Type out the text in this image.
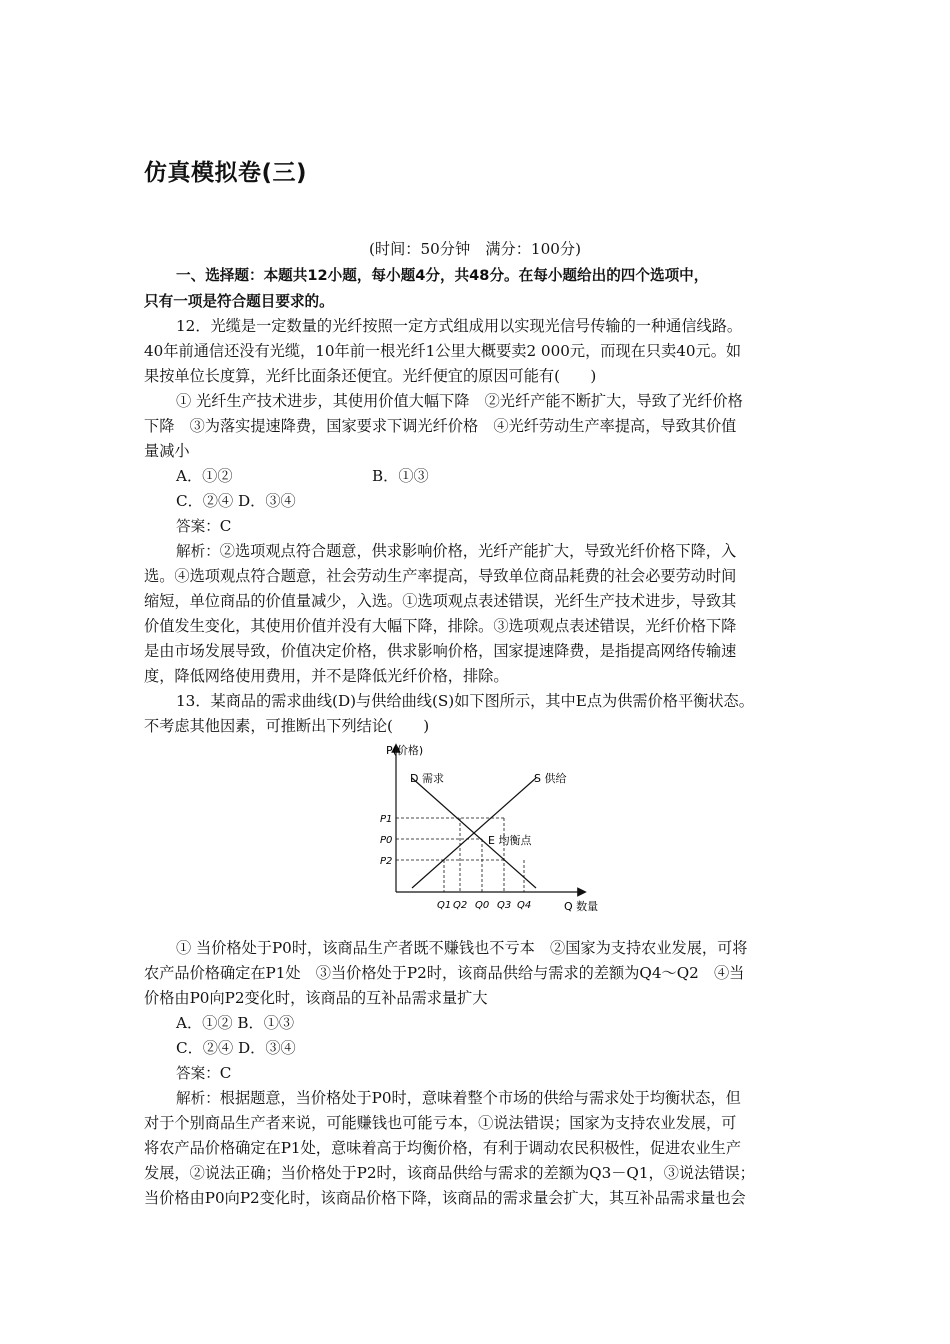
仿真模拟卷(三)
(时间：50分钟　满分：100分)
一、选择题：本题共12小题，每小题4分，共48分。在每小题给出的四个选项中，
只有一项是符合题目要求的。
12．光缆是一定数量的光纤按照一定方式组成用以实现光信号传输的一种通信线路。
40年前通信还没有光缆，10年前一根光纤1公里大概要卖2 000元，而现在只卖40元。如
果按单位长度算，光纤比面条还便宜。光纤便宜的原因可能有(　　)
① 光纤生产技术进步，其使用价值大幅下降　②光纤产能不断扩大，导致了光纤价格
下降　③为落实提速降费，国家要求下调光纤价格　④光纤劳动生产率提高，导致其价值
量减小
A．①②	B．①③
C．②④ D．③④
答案：C
解析：②选项观点符合题意，供求影响价格，光纤产能扩大，导致光纤价格下降，入
选。④选项观点符合题意，社会劳动生产率提高，导致单位商品耗费的社会必要劳动时间
缩短，单位商品的价值量减少，入选。①选项观点表述错误，光纤生产技术进步，导致其
价值发生变化，其使用价值并没有大幅下降，排除。③选项观点表述错误，光纤价格下降
是由市场发展导致，价值决定价格，供求影响价格，国家提速降费，是指提高网络传输速
度，降低网络使用费用，并不是降低光纤价格，排除。
13．某商品的需求曲线(D)与供给曲线(S)如下图所示，其中E点为供需价格平衡状态。
不考虑其他因素，可推断出下列结论(　　)
P(价格)
Q 数量
D 需求	S 供给
P1
P0
P2
Q1 Q2 Q0 Q3 Q4
E 均衡点
① 当价格处于P0时，该商品生产者既不赚钱也不亏本　②国家为支持农业发展，可将
农产品价格确定在P1处　③当价格处于P2时，该商品供给与需求的差额为Q4～Q2　④当
价格由P0向P2变化时，该商品的互补品需求量扩大
A．①② B．①③
C．②④ D．③④
答案：C
解析：根据题意，当价格处于P0时，意味着整个市场的供给与需求处于均衡状态，但
对于个别商品生产者来说，可能赚钱也可能亏本，①说法错误；国家为支持农业发展，可
将农产品价格确定在P1处，意味着高于均衡价格，有利于调动农民积极性，促进农业生产
发展，②说法正确；当价格处于P2时，该商品供给与需求的差额为Q3－Q1，③说法错误；
当价格由P0向P2变化时，该商品价格下降，该商品的需求量会扩大，其互补品需求量也会
